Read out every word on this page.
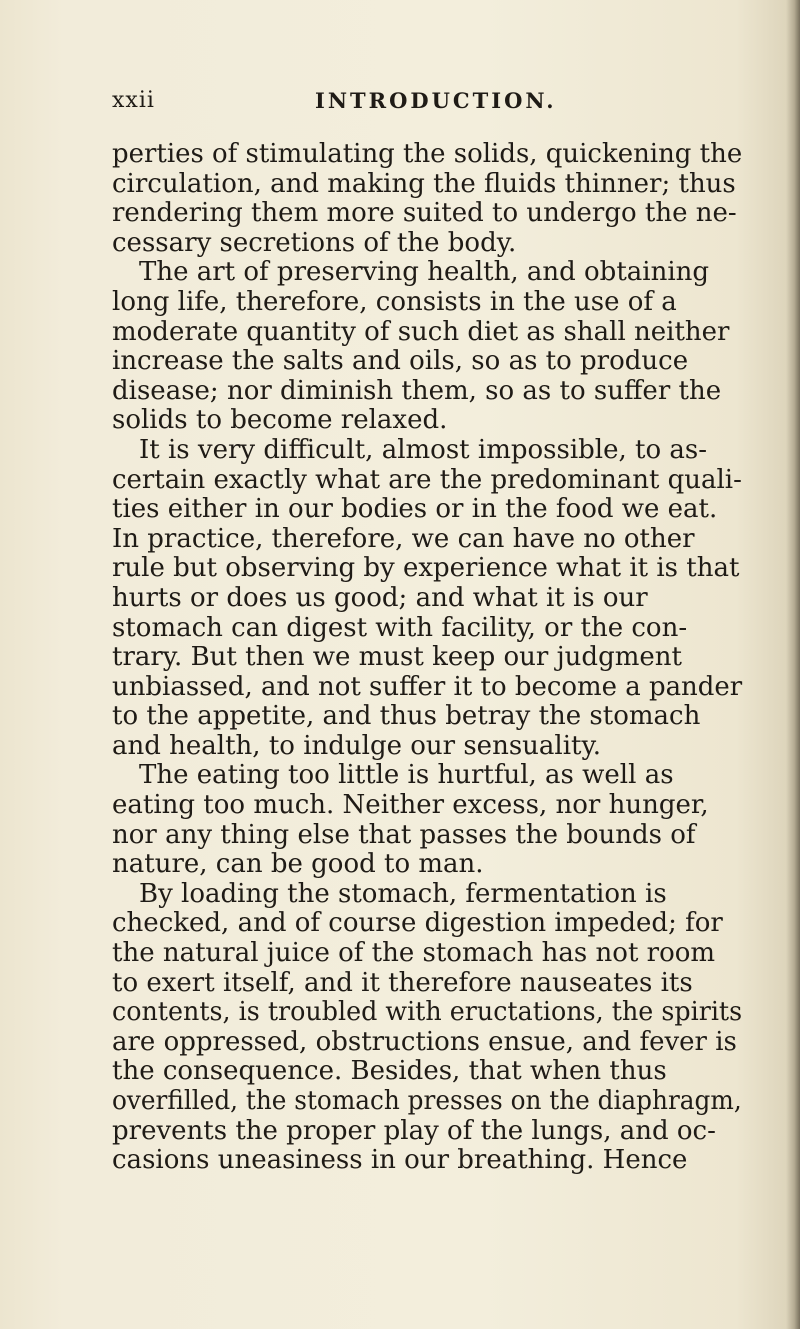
xxii	INTRODUCTION.
perties of stimulating the solids, quickening the
circulation, and making the fluids thinner; thus
rendering them more suited to undergo the ne-
cessary secretions of the body.
The art of preserving health, and obtaining
long life, therefore, consists in the use of a
moderate quantity of such diet as shall neither
increase the salts and oils, so as to produce
disease; nor diminish them, so as to suffer the
solids to become relaxed.
It is very difficult, almost impossible, to as-
certain exactly what are the predominant quali-
ties either in our bodies or in the food we eat.
In practice, therefore, we can have no other
rule but observing by experience what it is that
hurts or does us good; and what it is our
stomach can digest with facility, or the con-
trary. But then we must keep our judgment
unbiassed, and not suffer it to become a pander
to the appetite, and thus betray the stomach
and health, to indulge our sensuality.
The eating too little is hurtful, as well as
eating too much. Neither excess, nor hunger,
nor any thing else that passes the bounds of
nature, can be good to man.
By loading the stomach, fermentation is
checked, and of course digestion impeded; for
the natural juice of the stomach has not room
to exert itself, and it therefore nauseates its
contents, is troubled with eructations, the spirits
are oppressed, obstructions ensue, and fever is
the consequence. Besides, that when thus
overfilled, the stomach presses on the diaphragm,
prevents the proper play of the lungs, and oc-
casions uneasiness in our breathing. Hence
